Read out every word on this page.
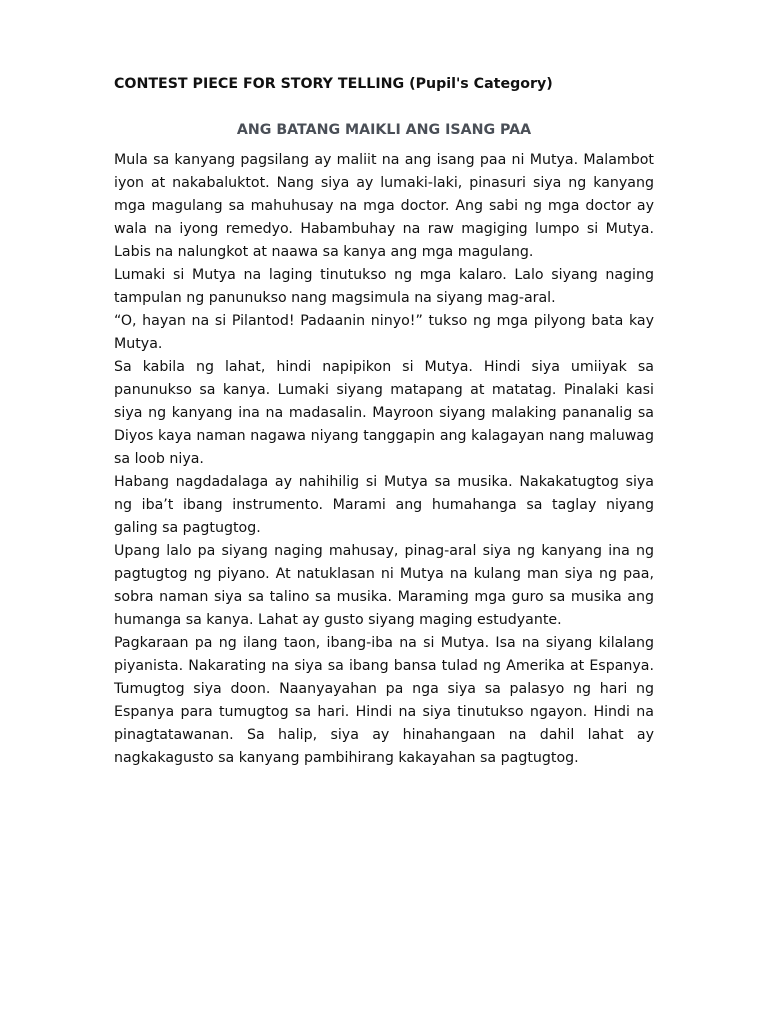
CONTEST PIECE FOR STORY TELLING (Pupil's Category)
ANG BATANG MAIKLI ANG ISANG PAA

Mula sa kanyang pagsilang ay maliit na ang isang paa ni Mutya. Malambot iyon at nakabaluktot. Nang siya ay lumaki-laki, pinasuri siya ng kanyang mga magulang sa mahuhusay na mga doctor. Ang sabi ng mga doctor ay wala na iyong remedyo. Habambuhay na raw magiging lumpo si Mutya. Labis na nalungkot at naawa sa kanya ang mga magulang.

Lumaki si Mutya na laging tinutukso ng mga kalaro. Lalo siyang naging tampulan ng panunukso nang magsimula na siyang mag-aral.

“O, hayan na si Pilantod! Padaanin ninyo!” tukso ng mga pilyong bata kay Mutya.

Sa kabila ng lahat, hindi napipikon si Mutya. Hindi siya umiiyak sa panunukso sa kanya. Lumaki siyang matapang at matatag. Pinalaki kasi siya ng kanyang ina na madasalin. Mayroon siyang malaking pananalig sa Diyos kaya naman nagawa niyang tanggapin ang kalagayan nang maluwag sa loob niya.

Habang nagdadalaga ay nahihilig si Mutya sa musika. Nakakatugtog siya ng iba’t ibang instrumento. Marami ang humahanga sa taglay niyang galing sa pagtugtog.

Upang lalo pa siyang naging mahusay, pinag-aral siya ng kanyang ina ng pagtugtog ng piyano. At natuklasan ni Mutya na kulang man siya ng paa, sobra naman siya sa talino sa musika. Maraming mga guro sa musika ang humanga sa kanya. Lahat ay gusto siyang maging estudyante.

Pagkaraan pa ng ilang taon, ibang-iba na si Mutya. Isa na siyang kilalang piyanista. Nakarating na siya sa ibang bansa tulad ng Amerika at Espanya. Tumugtog siya doon. Naanyayahan pa nga siya sa palasyo ng hari ng Espanya para tumugtog sa hari. Hindi na siya tinutukso ngayon. Hindi na pinagtatawanan. Sa halip, siya ay hinahangaan na dahil lahat ay nagkakagusto sa kanyang pambihirang kakayahan sa pagtugtog.
